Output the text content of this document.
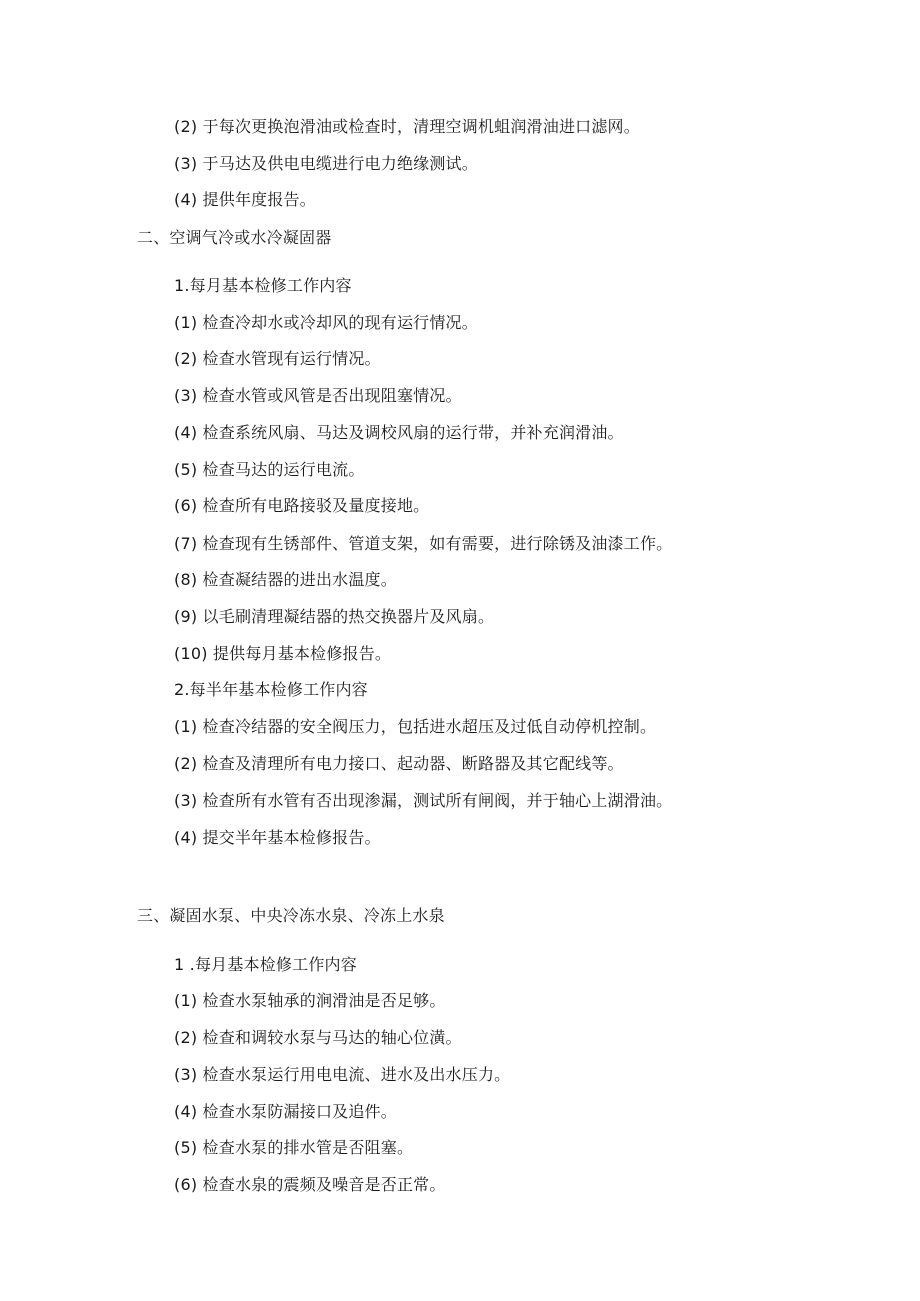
(2) 于每次更换泡滑油或检查时，清理空调机蛆润滑油进口滤网。
(3) 于马达及供电电缆进行电力绝缘测试。
(4) 提供年度报告。
二、空调气冷或水冷凝固器
1.每月基本检修工作内容
(1) 检查冷却水或冷却风的现有运行情况。
(2) 检查水管现有运行情况。
(3) 检查水管或风管是否出现阻塞情况。
(4) 检查系统风扇、马达及调校风扇的运行带，并补充润滑油。
(5) 检查马达的运行电流。
(6) 检查所有电路接驳及量度接地。
(7) 检查现有生锈部件、管道支架，如有需要，进行除锈及油漆工作。
(8) 检查凝结器的进出水温度。
(9) 以毛刷清理凝结器的热交换器片及风扇。
(10) 提供每月基本检修报告。
2.每半年基本检修工作内容
(1) 检查冷结器的安全阀压力，包括进水超压及过低自动停机控制。
(2) 检查及清理所有电力接口、起动器、断路器及其它配线等。
(3) 检查所有水管有否出现渗漏，测试所有闸阀，并于轴心上湖滑油。
(4) 提交半年基本检修报告。
三、凝固水泵、中央冷冻水泉、冷冻上水泉
1 .每月基本检修工作内容
(1) 检查水泵轴承的涧滑油是否足够。
(2) 检查和调较水泵与马达的轴心位潢。
(3) 检查水泵运行用电电流、进水及出水压力。
(4) 检查水泵防漏接口及追件。
(5) 检查水泵的排水管是否阻塞。
(6) 检查水泉的震频及噪音是否正常。
